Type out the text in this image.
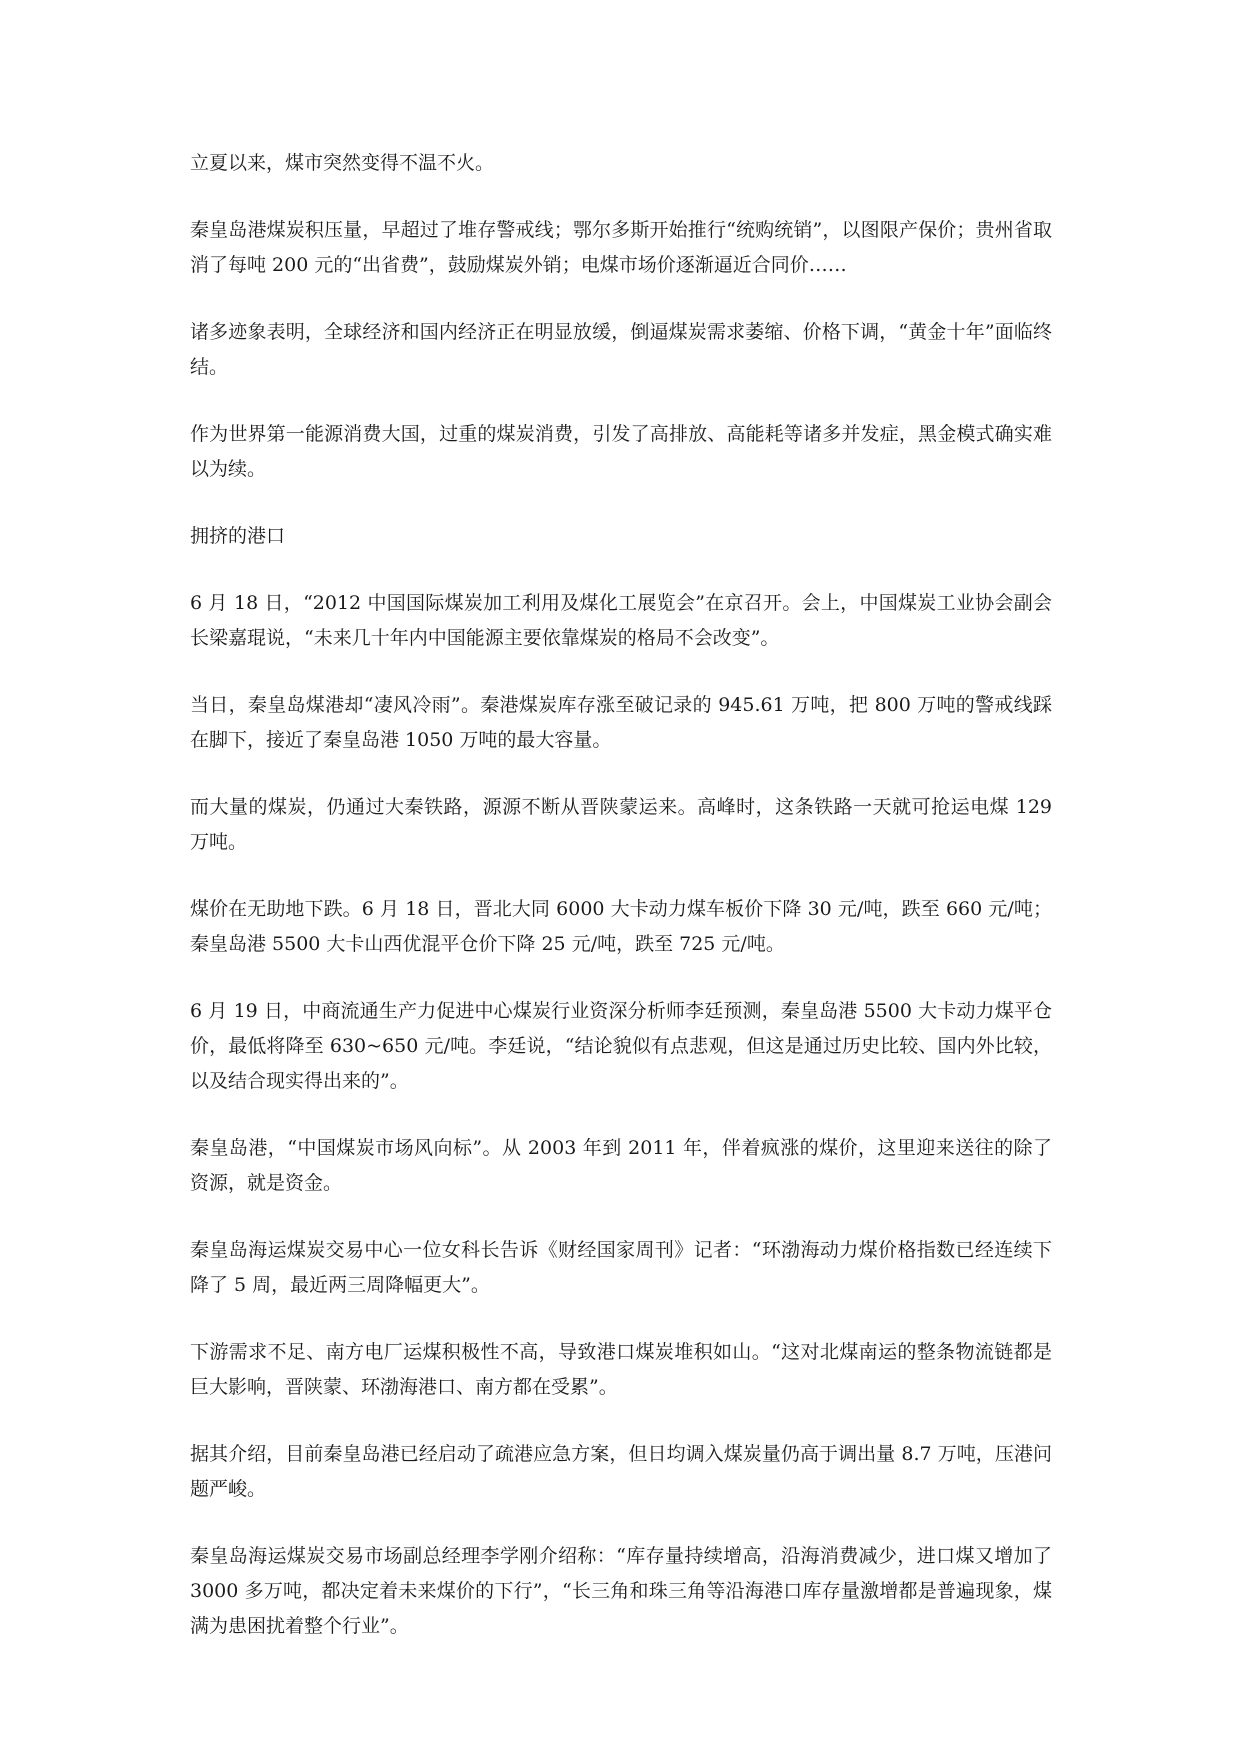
立夏以来，煤市突然变得不温不火。

秦皇岛港煤炭积压量，早超过了堆存警戒线；鄂尔多斯开始推行“统购统销”，以图限产保价；贵州省取消了每吨 200 元的“出省费”，鼓励煤炭外销；电煤市场价逐渐逼近合同价……

诸多迹象表明，全球经济和国内经济正在明显放缓，倒逼煤炭需求萎缩、价格下调，“黄金十年”面临终结。

作为世界第一能源消费大国，过重的煤炭消费，引发了高排放、高能耗等诸多并发症，黑金模式确实难以为续。

拥挤的港口

6 月 18 日，“2012 中国国际煤炭加工利用及煤化工展览会”在京召开。会上，中国煤炭工业协会副会长梁嘉琨说，“未来几十年内中国能源主要依靠煤炭的格局不会改变”。

当日，秦皇岛煤港却“凄风冷雨”。秦港煤炭库存涨至破记录的 945.61 万吨，把 800 万吨的警戒线踩在脚下，接近了秦皇岛港 1050 万吨的最大容量。

而大量的煤炭，仍通过大秦铁路，源源不断从晋陕蒙运来。高峰时，这条铁路一天就可抢运电煤 129 万吨。

煤价在无助地下跌。6 月 18 日，晋北大同 6000 大卡动力煤车板价下降 30 元/吨，跌至 660 元/吨；秦皇岛港 5500 大卡山西优混平仓价下降 25 元/吨，跌至 725 元/吨。

6 月 19 日，中商流通生产力促进中心煤炭行业资深分析师李廷预测，秦皇岛港 5500 大卡动力煤平仓价，最低将降至 630~650 元/吨。李廷说，“结论貌似有点悲观，但这是通过历史比较、国内外比较，以及结合现实得出来的”。

秦皇岛港，“中国煤炭市场风向标”。从 2003 年到 2011 年，伴着疯涨的煤价，这里迎来送往的除了资源，就是资金。

秦皇岛海运煤炭交易中心一位女科长告诉《财经国家周刊》记者：“环渤海动力煤价格指数已经连续下降了 5 周，最近两三周降幅更大”。

下游需求不足、南方电厂运煤积极性不高，导致港口煤炭堆积如山。“这对北煤南运的整条物流链都是巨大影响，晋陕蒙、环渤海港口、南方都在受累”。

据其介绍，目前秦皇岛港已经启动了疏港应急方案，但日均调入煤炭量仍高于调出量 8.7 万吨，压港问题严峻。

秦皇岛海运煤炭交易市场副总经理李学刚介绍称：“库存量持续增高，沿海消费减少，进口煤又增加了 3000 多万吨，都决定着未来煤价的下行”，“长三角和珠三角等沿海港口库存量激增都是普遍现象，煤满为患困扰着整个行业”。
